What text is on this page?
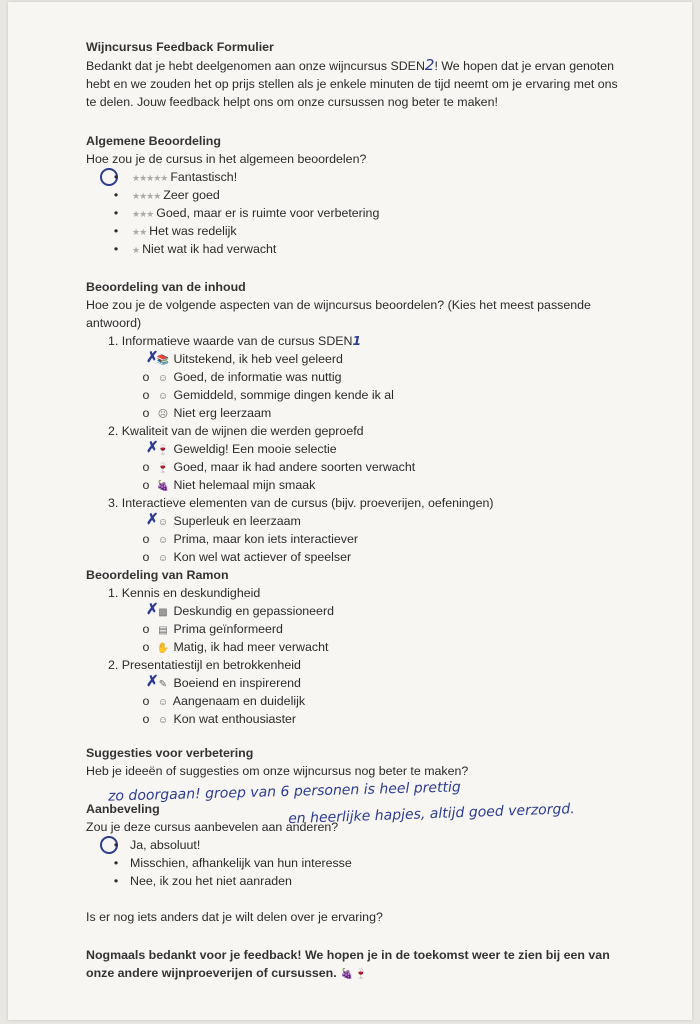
Wijncursus Feedback Formulier
Bedankt dat je hebt deelgenomen aan onze wijncursus SDEN2! We hopen dat je ervan genoten
hebt en we zouden het op prijs stellen als je enkele minuten de tijd neemt om je ervaring met ons
te delen. Jouw feedback helpt ons om onze cursussen nog beter te maken!
Algemene Beoordeling
Hoe zou je de cursus in het algemeen beoordelen?
•	★★★★★ Fantastisch!
•	★★★★ Zeer goed
•	★★★ Goed, maar er is ruimte voor verbetering
•	★★ Het was redelijk
•	★ Niet wat ik had verwacht
Beoordeling van de inhoud
Hoe zou je de volgende aspecten van de wijncursus beoordelen? (Kies het meest passende
antwoord)
1. Informatieve waarde van de cursus SDEN1
✗
📚 Uitstekend, ik heb veel geleerd
o ☺ Goed, de informatie was nuttig
o ☺ Gemiddeld, sommige dingen kende ik al
o ☹ Niet erg leerzaam
2. Kwaliteit van de wijnen die werden geproefd
✗
🍷 Geweldig! Een mooie selectie
o 🍷 Goed, maar ik had andere soorten verwacht
o 🍇 Niet helemaal mijn smaak
3. Interactieve elementen van de cursus (bijv. proeverijen, oefeningen)
✗ ☺ Superleuk en leerzaam
o ☺ Prima, maar kon iets interactiever
o ☺ Kon wel wat actiever of speelser
Beoordeling van Ramon
1. Kennis en deskundigheid
✗ ▩ Deskundig en gepassioneerd
o ▤ Prima geïnformeerd
o ✋ Matig, ik had meer verwacht
2. Presentatiestijl en betrokkenheid
✗ ✎ Boeiend en inspirerend
o ☺ Aangenaam en duidelijk
o ☺ Kon wat enthousiaster
Suggesties voor verbetering
Heb je ideeën of suggesties om onze wijncursus nog beter te maken?
zo doorgaan! groep van 6 personen is heel prettig
en heerlijke hapjes, altijd goed verzorgd.
Aanbeveling
Zou je deze cursus aanbevelen aan anderen?
• Ja, absoluut!
• Misschien, afhankelijk van hun interesse
• Nee, ik zou het niet aanraden
Is er nog iets anders dat je wilt delen over je ervaring?
Nogmaals bedankt voor je feedback! We hopen je in de toekomst weer te zien bij een van
onze andere wijnproeverijen of cursussen. 🍇 🍷
